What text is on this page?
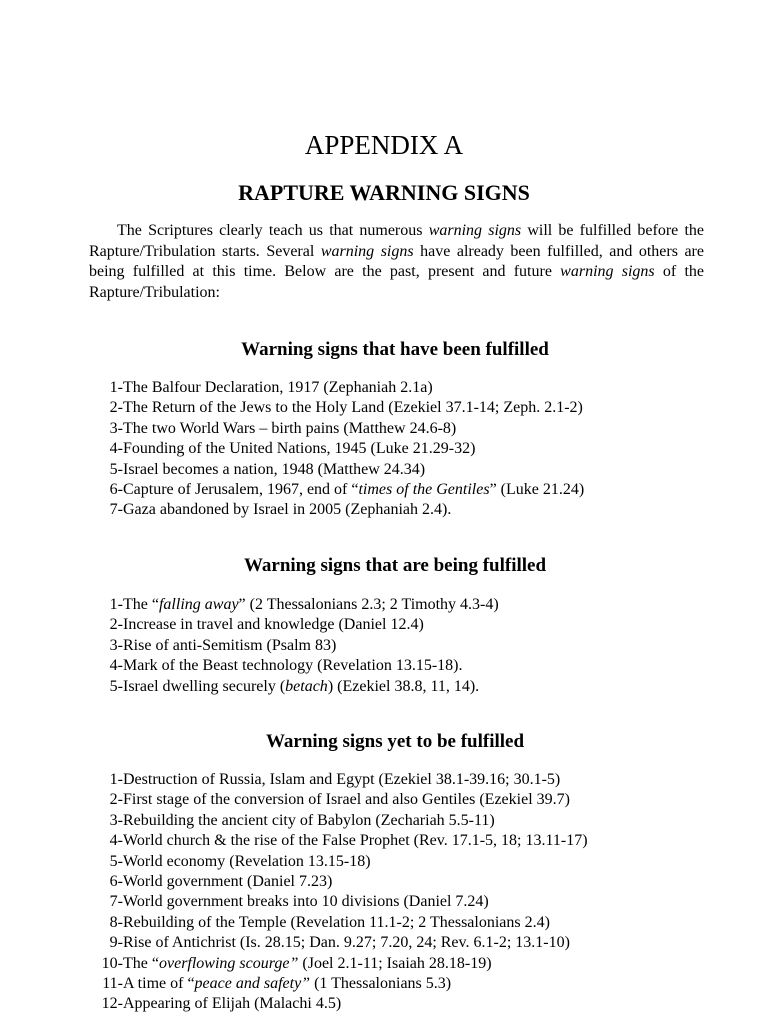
APPENDIX A
RAPTURE WARNING SIGNS

The Scriptures clearly teach us that numerous warning signs will be fulfilled before the Rapture/Tribulation starts. Several warning signs have already been fulfilled, and others are being fulfilled at this time. Below are the past, present and future warning signs of the Rapture/Tribulation:

Warning signs that have been fulfilled
1-The Balfour Declaration, 1917 (Zephaniah 2.1a)
2-The Return of the Jews to the Holy Land (Ezekiel 37.1-14; Zeph. 2.1-2)
3-The two World Wars – birth pains (Matthew 24.6-8)
4-Founding of the United Nations, 1945 (Luke 21.29-32)
5-Israel becomes a nation, 1948 (Matthew 24.34)
6-Capture of Jerusalem, 1967, end of “times of the Gentiles” (Luke 21.24)
7-Gaza abandoned by Israel in 2005 (Zephaniah 2.4).
Warning signs that are being fulfilled
1-The “falling away” (2 Thessalonians 2.3; 2 Timothy 4.3-4)
2-Increase in travel and knowledge (Daniel 12.4)
3-Rise of anti-Semitism (Psalm 83)
4-Mark of the Beast technology (Revelation 13.15-18).
5-Israel dwelling securely (betach) (Ezekiel 38.8, 11, 14).
Warning signs yet to be fulfilled
1-Destruction of Russia, Islam and Egypt (Ezekiel 38.1-39.16; 30.1-5)
2-First stage of the conversion of Israel and also Gentiles (Ezekiel 39.7)
3-Rebuilding the ancient city of Babylon (Zechariah 5.5-11)
4-World church & the rise of the False Prophet (Rev. 17.1-5, 18; 13.11-17)
5-World economy (Revelation 13.15-18)
6-World government (Daniel 7.23)
7-World government breaks into 10 divisions (Daniel 7.24)
8-Rebuilding of the Temple (Revelation 11.1-2; 2 Thessalonians 2.4)
9-Rise of Antichrist (Is. 28.15; Dan. 9.27; 7.20, 24; Rev. 6.1-2; 13.1-10)
10-The “overflowing scourge” (Joel 2.1-11; Isaiah 28.18-19)
11-A time of “peace and safety” (1 Thessalonians 5.3)
12-Appearing of Elijah (Malachi 4.5)
